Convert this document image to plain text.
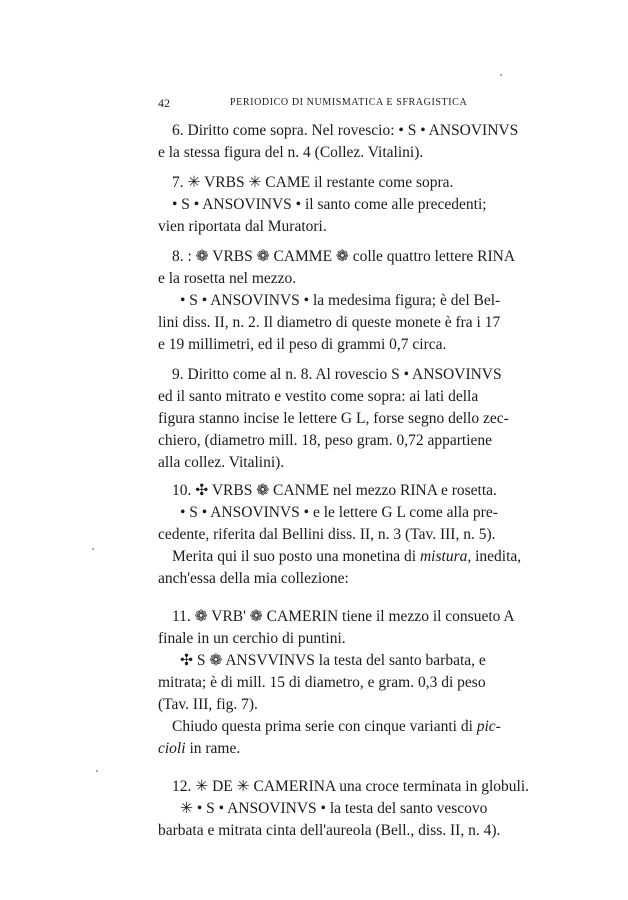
42	PERIODICO DI NUMISMATICA E SFRAGISTICA
6. Diritto come sopra. Nel rovescio: • S • ANSOVINVS
e la stessa figura del n. 4 (Collez. Vitalini).
7. ✳ VRBS ✳ CAME il restante come sopra.
• S • ANSOVINVS • il santo come alle precedenti;
vien riportata dal Muratori.
8. : ❁ VRBS ❁ CAMME ❁ colle quattro lettere RINA
e la rosetta nel mezzo.
• S • ANSOVINVS • la medesima figura; è del Bel-
lini diss. II, n. 2. Il diametro di queste monete è fra i 17
e 19 millimetri, ed il peso di grammi 0,7 circa.
9. Diritto come al n. 8. Al rovescio S • ANSOVINVS
ed il santo mitrato e vestito come sopra: ai lati della
figura stanno incise le lettere G L, forse segno dello zec-
chiero, (diametro mill. 18, peso gram. 0,72 appartiene
alla collez. Vitalini).
10. ✣ VRBS ❁ CANME nel mezzo RINA e rosetta.
• S • ANSOVINVS • e le lettere G L come alla pre-
cedente, riferita dal Bellini diss. II, n. 3 (Tav. III, n. 5).
Merita qui il suo posto una monetina di mistura, inedita,
anch'essa della mia collezione:
11. ❁ VRB' ❁ CAMERIN tiene il mezzo il consueto A
finale in un cerchio di puntini.
✣ S ❁ ANSVVINVS la testa del santo barbata, e
mitrata; è di mill. 15 di diametro, e gram. 0,3 di peso
(Tav. III, fig. 7).
Chiudo questa prima serie con cinque varianti di pic-
cioli in rame.
12. ✳ DE ✳ CAMERINA una croce terminata in globuli.
✳ • S • ANSOVINVS • la testa del santo vescovo
barbata e mitrata cinta dell'aureola (Bell., diss. II, n. 4).
